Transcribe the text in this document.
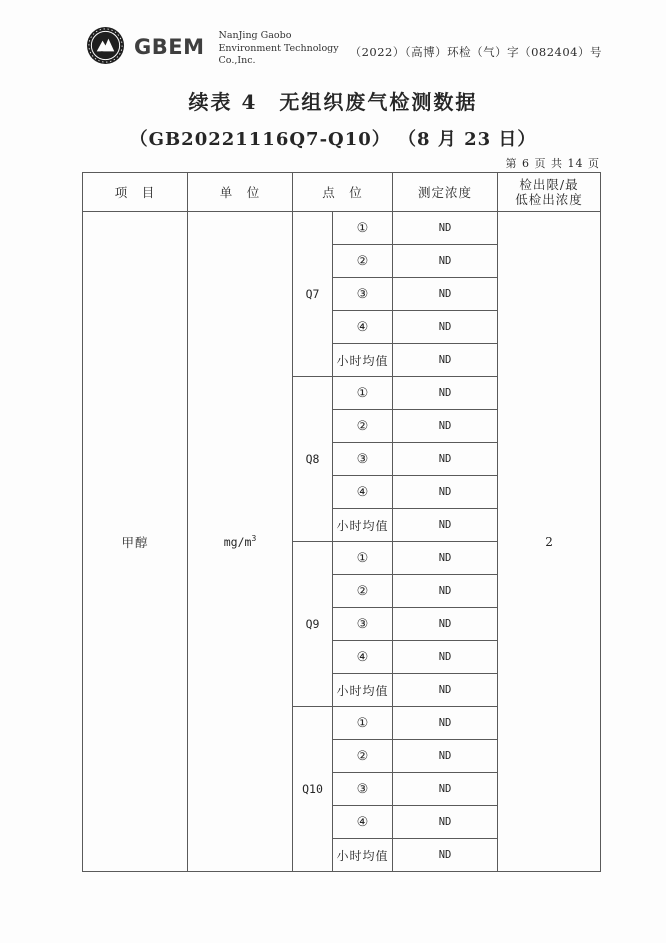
GBEM NanJing Gaobo
Environment Technology
Co.,Inc.
（2022）（高博）环检（气）字（082404）号
续表 4　无组织废气检测数据
（GB20221116Q7-Q10） （8 月 23 日）
第 6 页 共 14 页
项　目	单　位	点　位		测定浓度	检出限/最
低检出浓度

甲醇	$mg/m^3$	Q7	①	ND	2
			②	ND	
			③	ND	
			④	ND	
			小时均值	ND	
		Q8	①	ND	
			②	ND	
			③	ND	
			④	ND	
			小时均值	ND	
		Q9	①	ND	
			②	ND	
			③	ND	
			④	ND	
			小时均值	ND	
		Q10	①	ND	
			②	ND	
			③	ND	
			④	ND	
			小时均值	ND	
